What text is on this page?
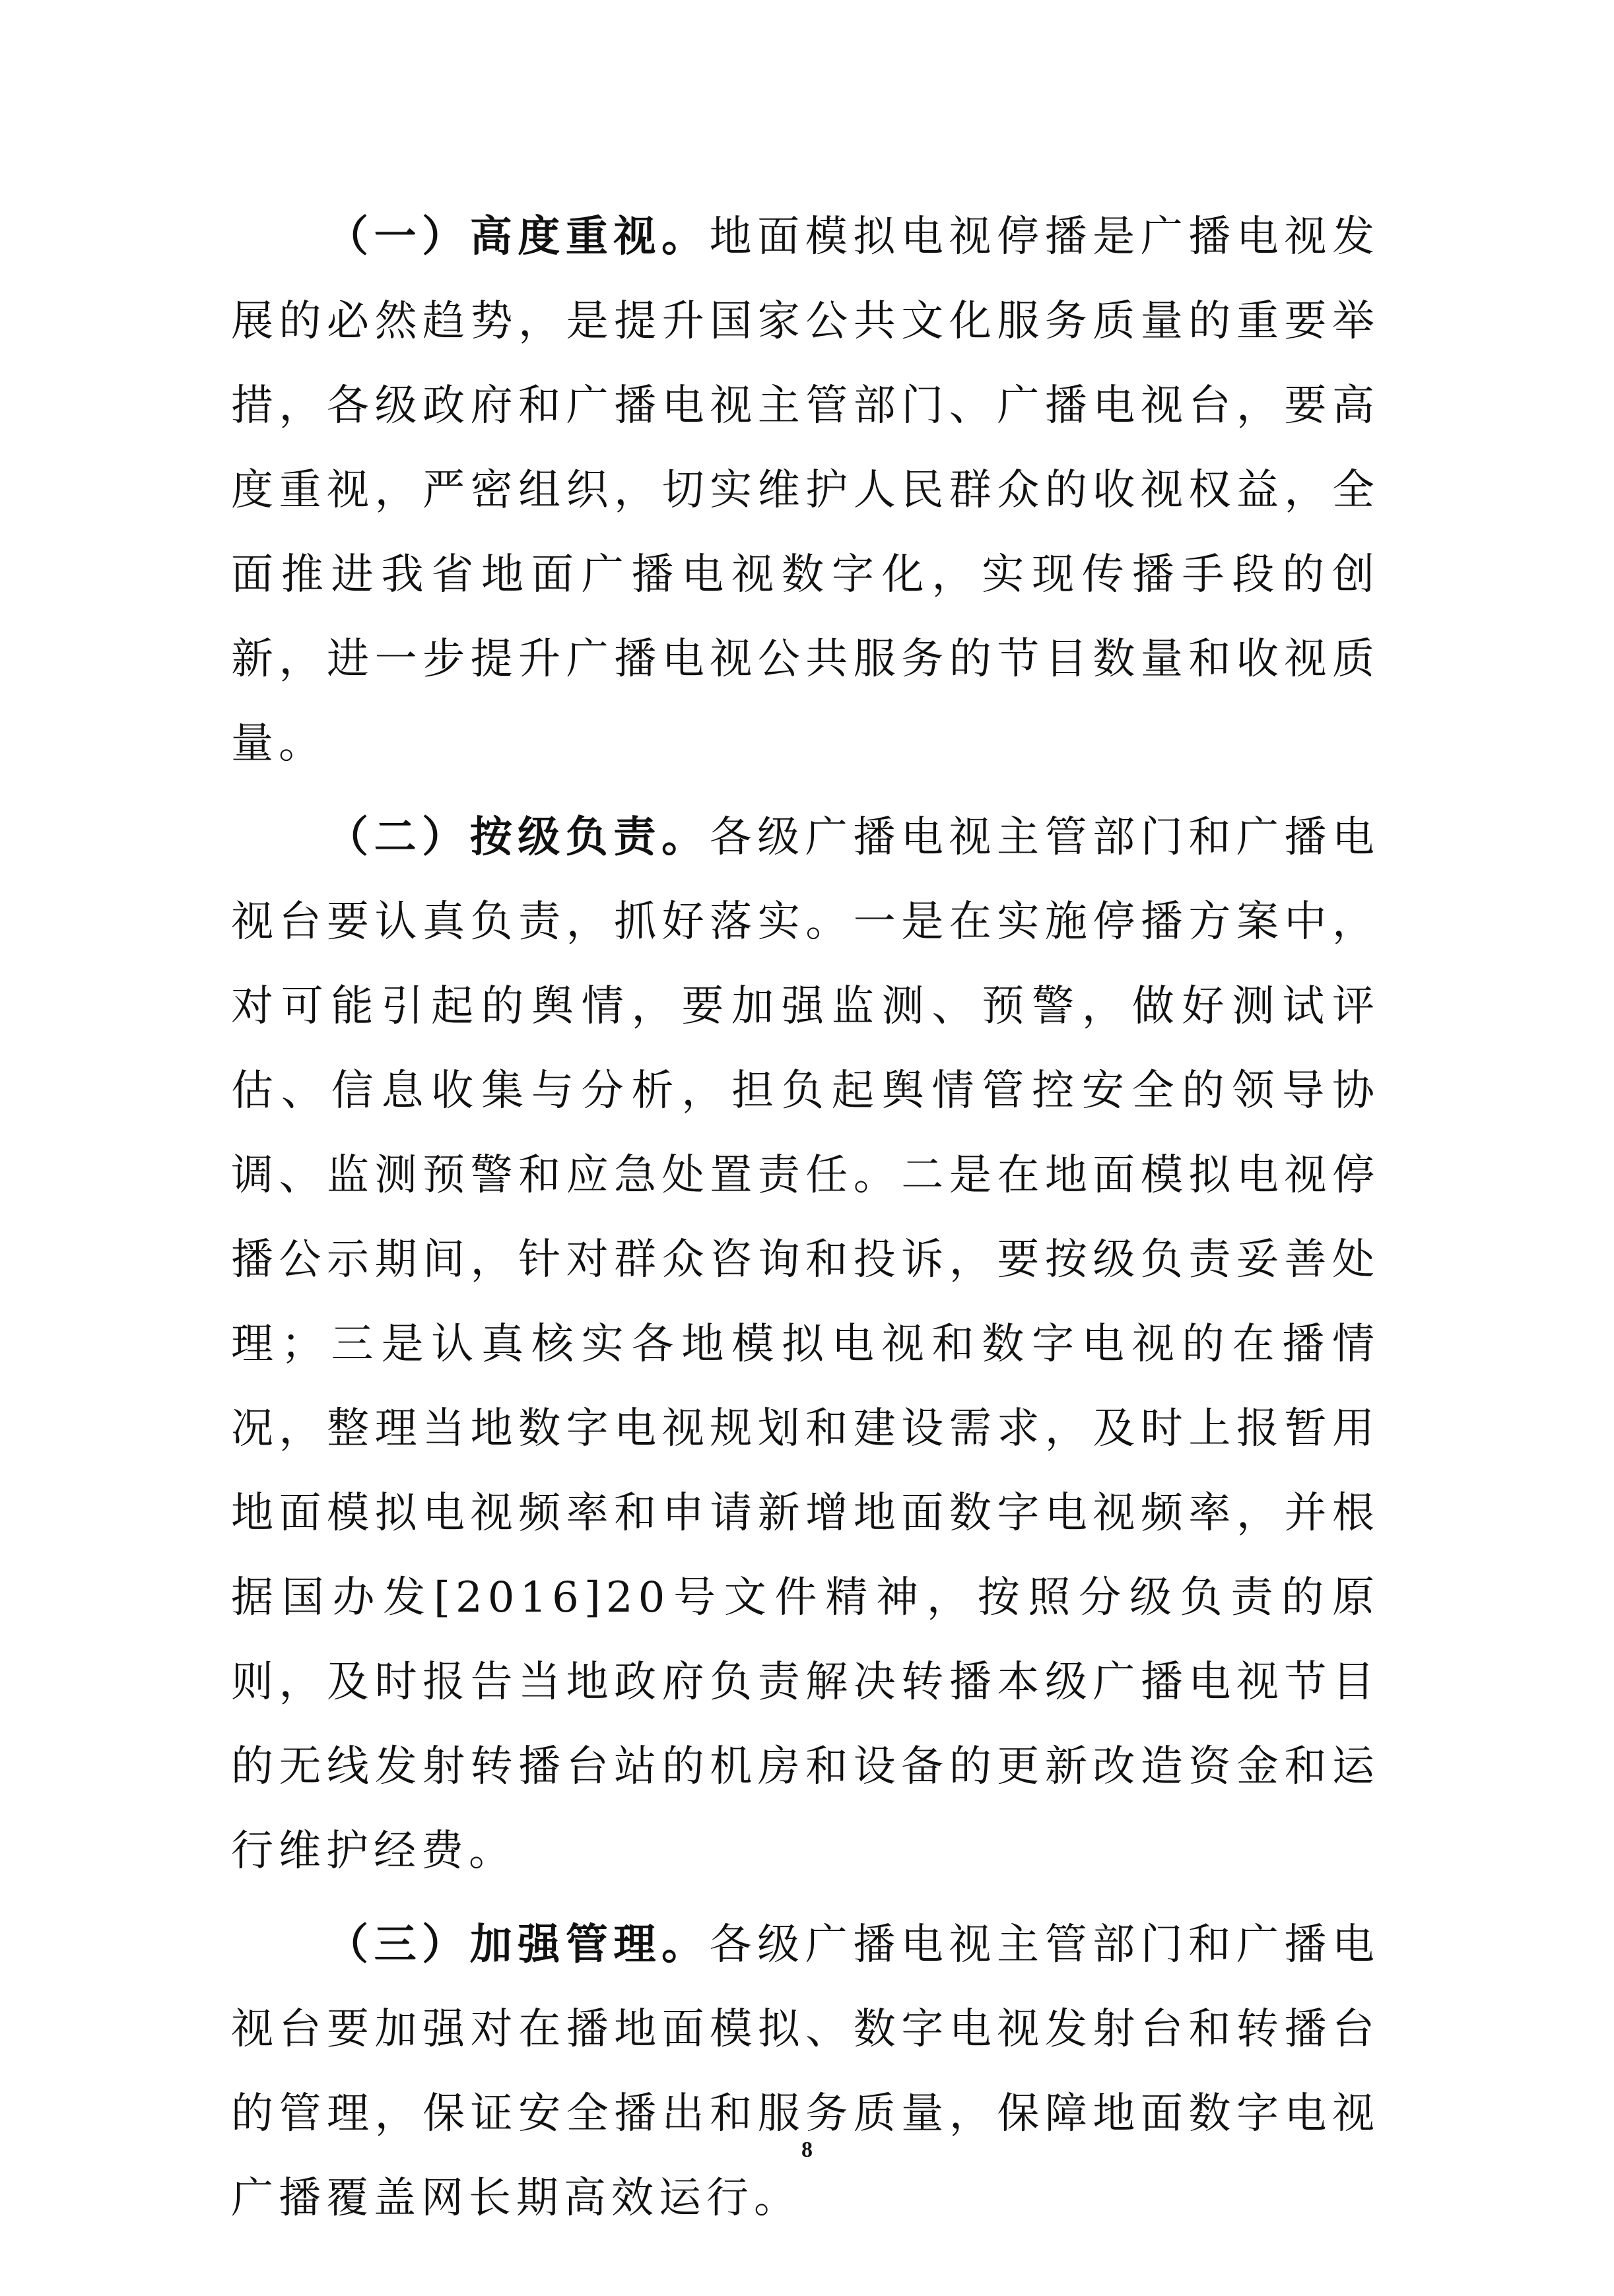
（一）高度重视。地面模拟电视停播是广播电视发展的必然趋势，是提升国家公共文化服务质量的重要举措，各级政府和广播电视主管部门、广播电视台，要高度重视，严密组织，切实维护人民群众的收视权益，全面推进我省地面广播电视数字化，实现传播手段的创新，进一步提升广播电视公共服务的节目数量和收视质量。

（二）按级负责。各级广播电视主管部门和广播电视台要认真负责，抓好落实。一是在实施停播方案中，对可能引起的舆情，要加强监测、预警，做好测试评估、信息收集与分析，担负起舆情管控安全的领导协调、监测预警和应急处置责任。二是在地面模拟电视停播公示期间，针对群众咨询和投诉，要按级负责妥善处理；三是认真核实各地模拟电视和数字电视的在播情况，整理当地数字电视规划和建设需求，及时上报暂用地面模拟电视频率和申请新增地面数字电视频率，并根据国办发[2016]20号文件精神，按照分级负责的原则，及时报告当地政府负责解决转播本级广播电视节目的无线发射转播台站的机房和设备的更新改造资金和运行维护经费。

（三）加强管理。各级广播电视主管部门和广播电视台要加强对在播地面模拟、数字电视发射台和转播台的管理，保证安全播出和服务质量，保障地面数字电视广播覆盖网长期高效运行。

8
